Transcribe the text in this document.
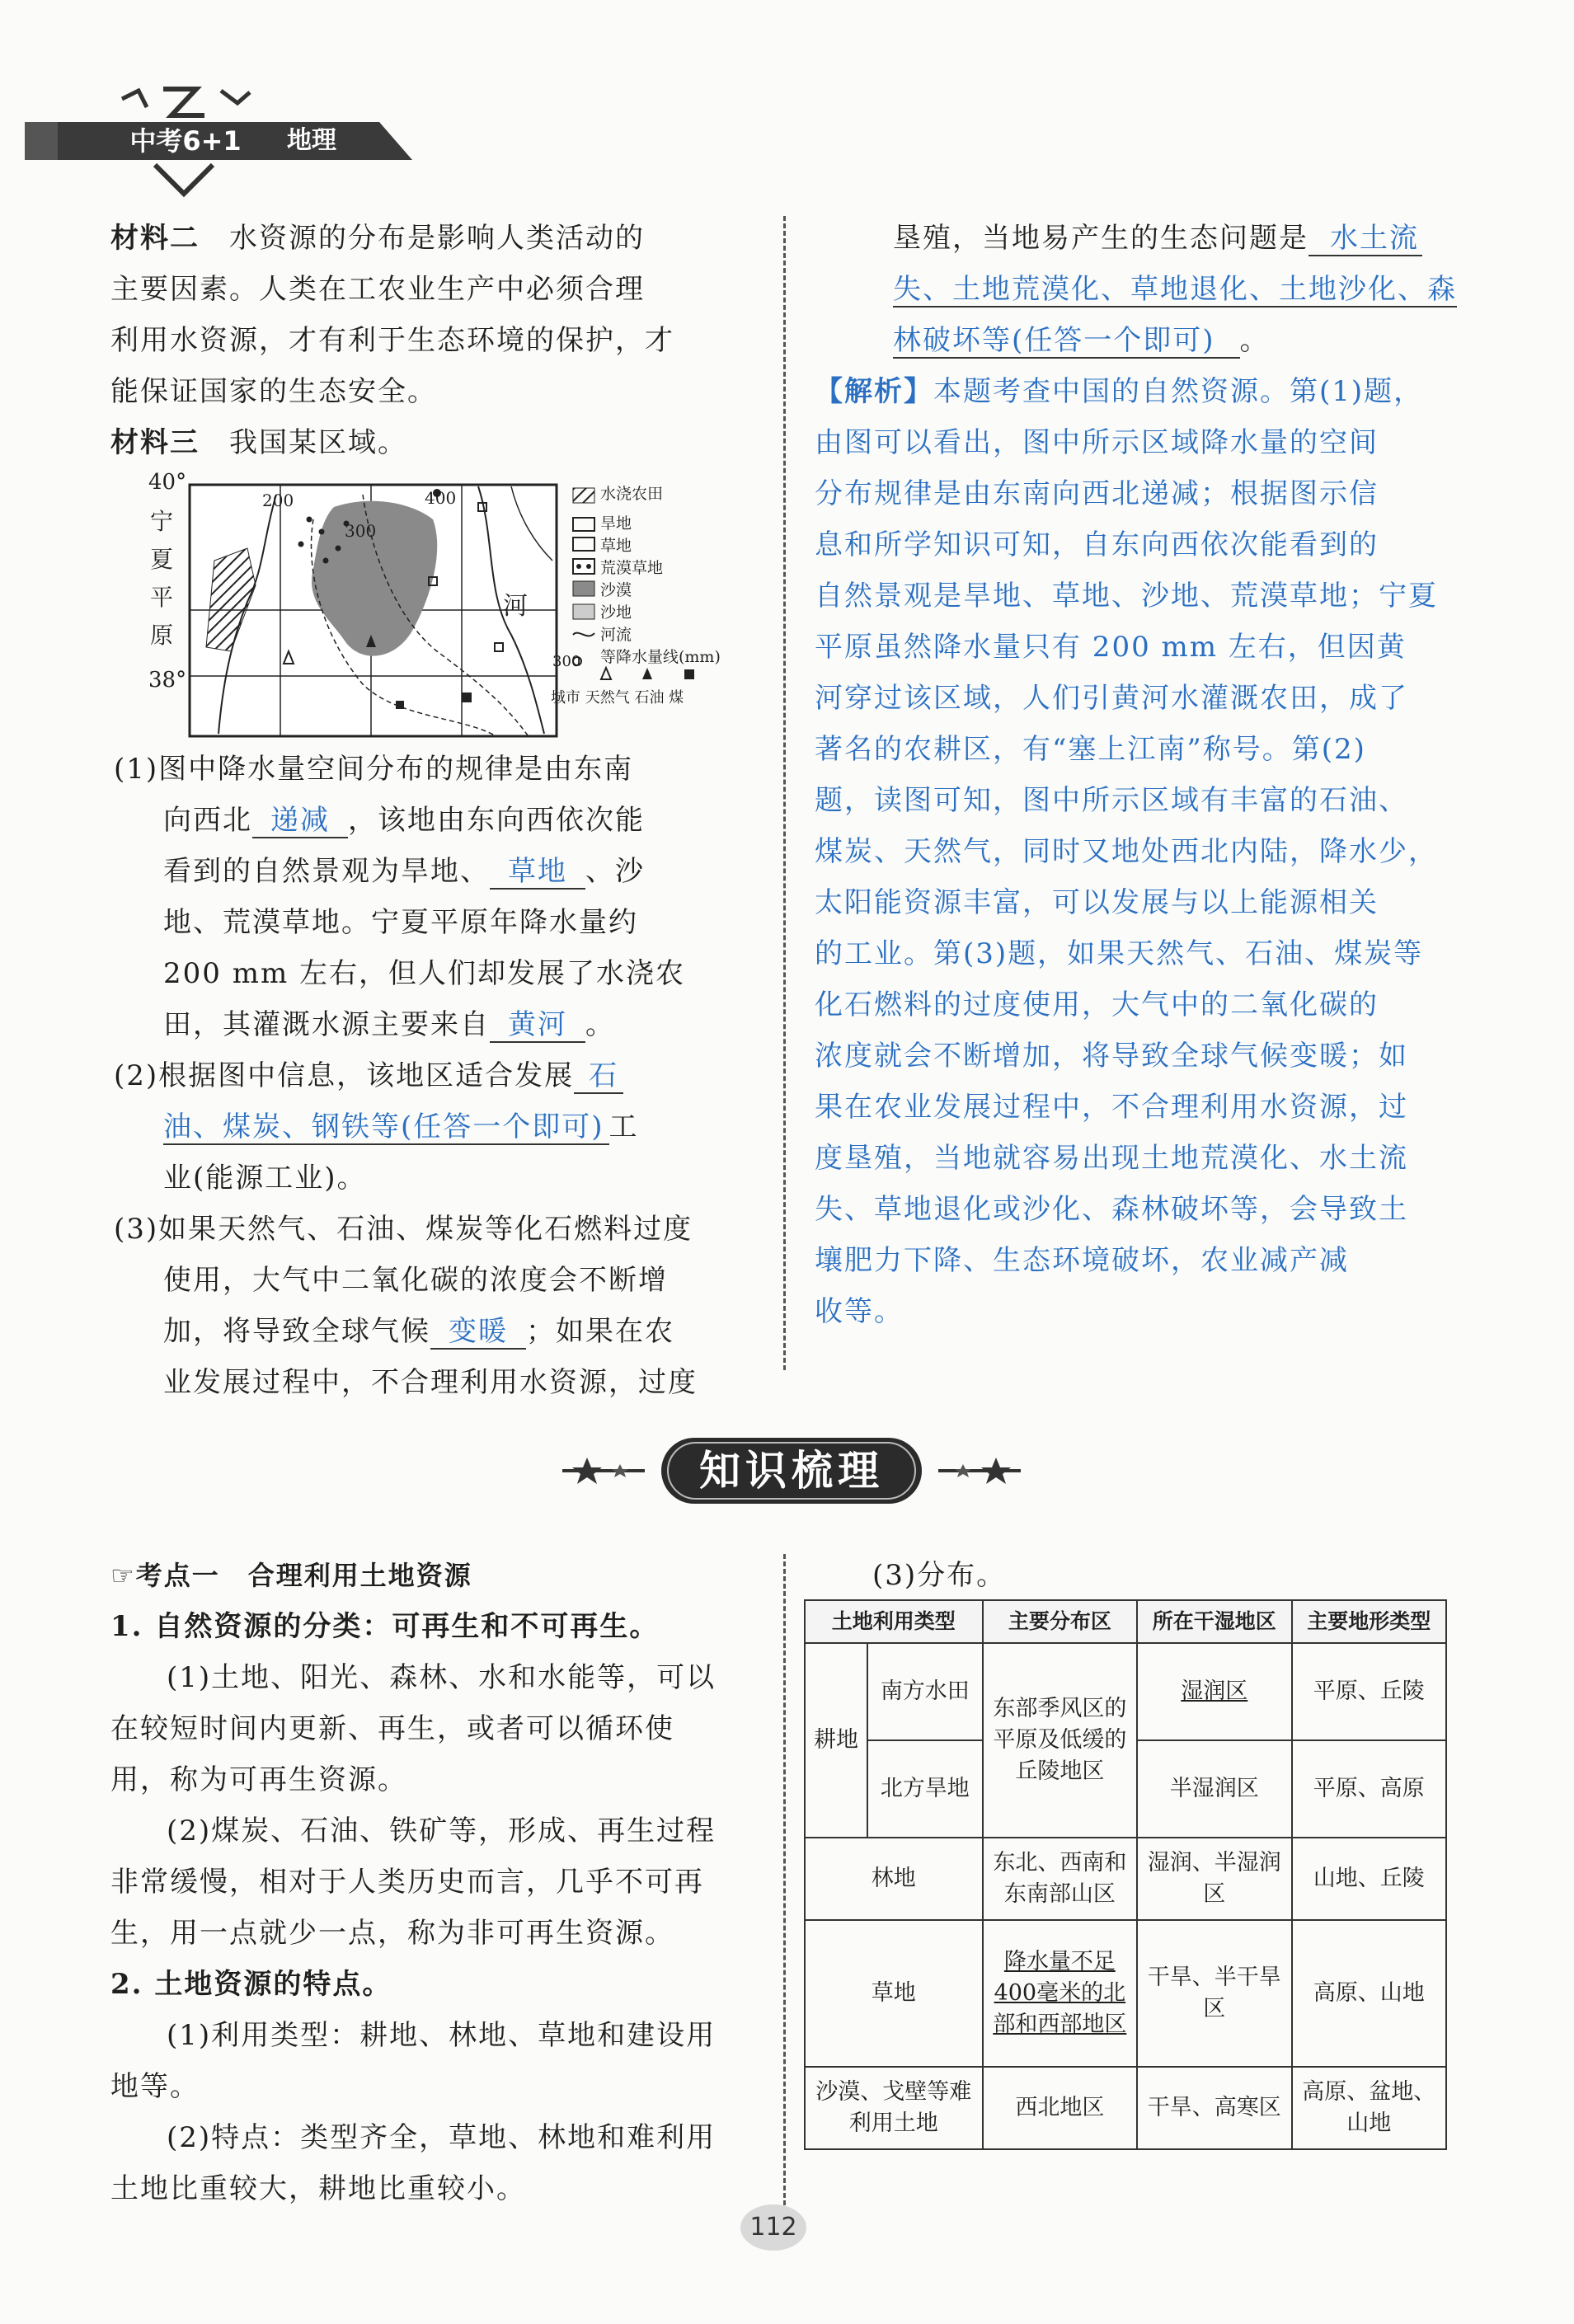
中考6+1	地理
材料二　 水资源的分布是影响人类活动的
主要因素。人类在工农业生产中必须合理
利用水资源，才有利于生态环境的保护，才
能保证国家的生态安全。
材料三　 我国某区域。
40°
38°
宁
夏
平
原
河
200
300
400	水浇农田
旱地
草地
荒漠草地
沙漠
沙地
河流
等降水量线(mm)
300
城市 天然气 石油 煤
(1)图中降水量空间分布的规律是由东南
向西北 递减 ，该地由东向西依次能
看到的自然景观为旱地、 草地 、沙
地、荒漠草地。宁夏平原年降水量约
200 mm 左右，但人们却发展了水浇农
田，其灌溉水源主要来自 黄河 。
(2)根据图中信息，该地区适合发展 石
油、煤炭、钢铁等(任答一个即可) 工
业(能源工业)。
(3)如果天然气、石油、煤炭等化石燃料过度
使用，大气中二氧化碳的浓度会不断增
加，将导致全球气候 变暖 ；如果在农
业发展过程中，不合理利用水资源，过度
垦殖，当地易产生的生态问题是 水土流
失、土地荒漠化、草地退化、土地沙化、森
林破坏等(任答一个即可) 。
【解析】本题考查中国的自然资源。第(1)题，
由图可以看出，图中所示区域降水量的空间
分布规律是由东南向西北递减；根据图示信
息和所学知识可知，自东向西依次能看到的
自然景观是旱地、草地、沙地、荒漠草地；宁夏
平原虽然降水量只有 200 mm 左右，但因黄
河穿过该区域，人们引黄河水灌溉农田，成了
著名的农耕区，有“塞上江南”称号。第(2)
题，读图可知，图中所示区域有丰富的石油、
煤炭、天然气，同时又地处西北内陆，降水少，
太阳能资源丰富，可以发展与以上能源相关
的工业。第(3)题，如果天然气、石油、煤炭等
化石燃料的过度使用，大气中的二氧化碳的
浓度就会不断增加，将导致全球气候变暖；如
果在农业发展过程中，不合理利用水资源，过
度垦殖，当地就容易出现土地荒漠化、水土流
失、草地退化或沙化、森林破坏等，会导致土
壤肥力下降、生态环境破坏，农业减产减
收等。
知识梳理
☞考点一　合理利用土地资源
1. 自然资源的分类：可再生和不可再生。
(1)土地、阳光、森林、水和水能等，可以
在较短时间内更新、再生，或者可以循环使
用，称为可再生资源。
(2)煤炭、石油、铁矿等，形成、再生过程
非常缓慢，相对于人类历史而言，几乎不可再
生，用一点就少一点，称为非可再生资源。
2. 土地资源的特点。
(1)利用类型：耕地、林地、草地和建设用
地等。
(2)特点：类型齐全，草地、林地和难利用
土地比重较大，耕地比重较小。
(3)分布。
土地利用类型		主要分布区	所在干湿地区	主要地形类型
耕地	南方水田	东部季风区的平原及低缓的丘陵地区	湿润区	平原、丘陵
	北方旱地		半湿润区	平原、高原
林地		东北、西南和东南部山区	湿润、半湿润区	山地、丘陵
草地		降水量不足400毫米的北部和西部地区	干旱、半干旱区	高原、山地
沙漠、戈壁等难利用土地		西北地区	干旱、高寒区	高原、盆地、山地
112
